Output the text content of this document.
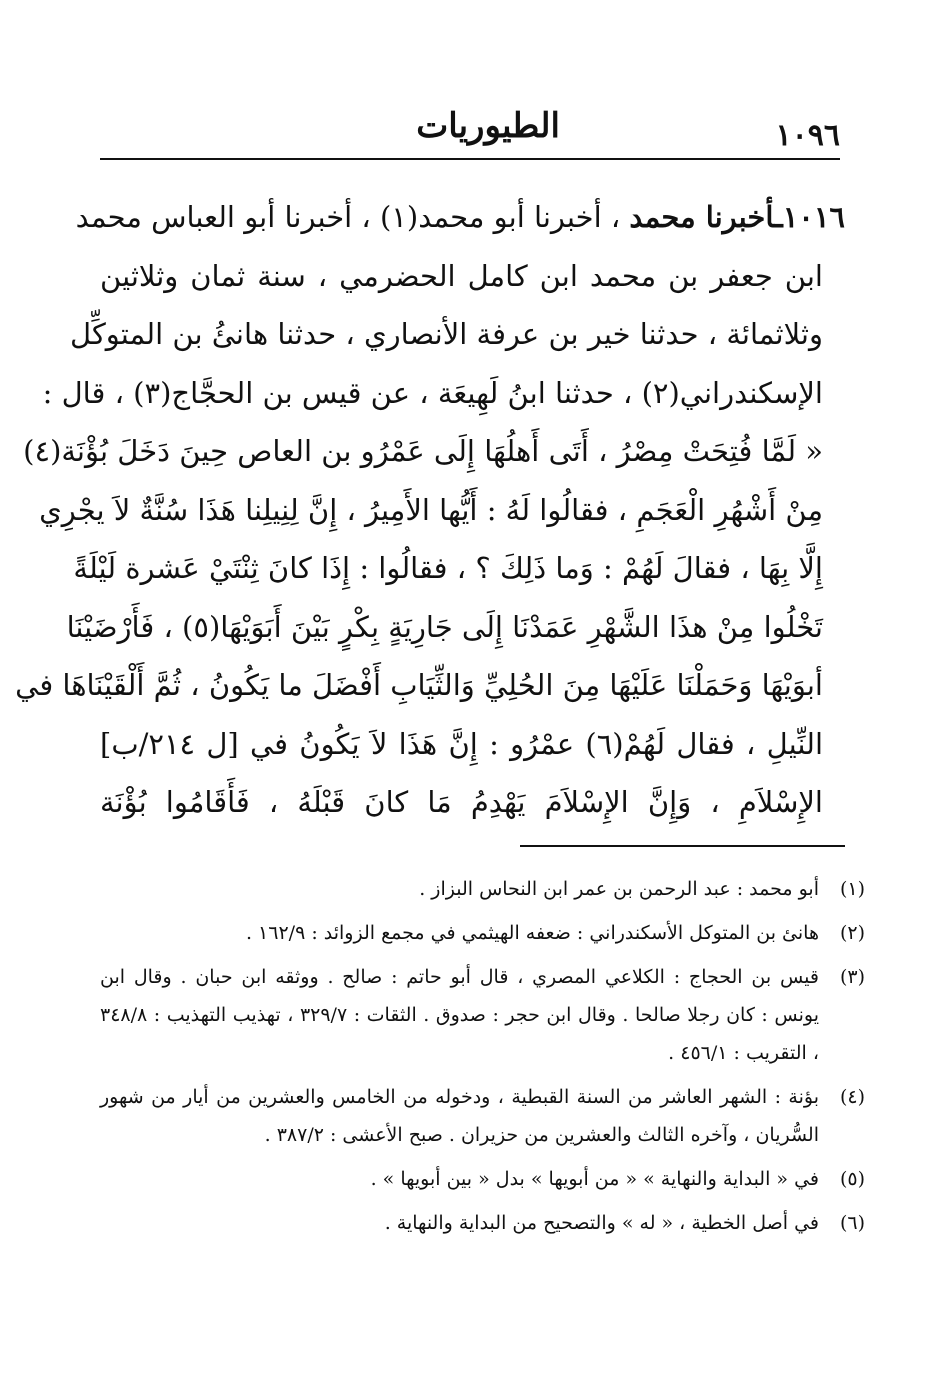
١٠٩٦
الطيوريات
١٠١٦ـأخبرنا محمد ، أخبرنا أبو محمد(١) ، أخبرنا أبو العباس محمد
ابن جعفر بن محمد ابن كامل الحضرمي ، سنة ثمان وثلاثين
وثلاثمائة ، حدثنا خير بن عرفة الأنصاري ، حدثنا هانئُ بن المتوكِّل
الإسكندراني(٢) ، حدثنا ابنُ لَهِيعَة ، عن قيس بن الحجَّاج(٣) ، قال :
« لَمَّا فُتِحَتْ مِصْرُ ، أَتَى أَهلُهَا إِلَى عَمْرُو بن العاص حِينَ دَخَلَ بُؤْنَة(٤)
مِنْ أَشْهُرِ الْعَجَمِ ، فقالُوا لَهُ : أَيُّها الأَمِيرُ ، إِنَّ لِنِيلِنا هَذَا سُنَّةٌ لاَ يجْرِي
إِلَّا بِهَا ، فقالَ لَهُمْ : وَما ذَلِكَ ؟ ، فقالُوا : إِذَا كانَ ثِنْتَيْ عَشرة لَيْلَةً
تَخْلُوا مِنْ هذَا الشَّهْرِ عَمَدْنَا إِلَى جَارِيَةٍ بِكْرٍ بَيْنَ أَبَوَيْهَا(٥) ، فَأَرْضَيْنَا
أبوَيْهَا وَحَمَلْنَا عَلَيْهَا مِنَ الحُلِيِّ وَالثِّيَابِ أَفْضَلَ ما يَكُونُ ، ثُمَّ أَلْقَيْنَاهَا في
النِّيلِ ، فقال لَهُمْ(٦) عمْرُو : إِنَّ هَذَا لاَ يَكُونُ في [ل ٢١٤/ب]
الإِسْلاَمِ ، وَإِنَّ الإِسْلاَمَ يَهْدِمُ مَا كانَ قَبْلَهُ ، فَأَقَامُوا بُؤْنَة
(١)
أبو محمد : عبد الرحمن بن عمر ابن النحاس البزاز .
(٢)
هانئ بن المتوكل الأسكندراني : ضعفه الهيثمي في مجمع الزوائد : ١٦٢/٩ .
(٣)
قيس بن الحجاج : الكلاعي المصري ، قال أبو حاتم : صالح . ووثقه ابن حبان . وقال ابن يونس : كان رجلا صالحا . وقال ابن حجر : صدوق . الثقات : ٣٢٩/٧ ، تهذيب التهذيب : ٣٤٨/٨ ، التقريب : ٤٥٦/١ .
(٤)
بؤنة : الشهر العاشر من السنة القبطية ، ودخوله من الخامس والعشرين من أيار من شهور السُّريان ، وآخره الثالث والعشرين من حزيران . صبح الأعشى : ٣٨٧/٢ .
(٥)
في « البداية والنهاية » « من أبويها » بدل « بين أبويها » .
(٦)
في أصل الخطية ، « له » والتصحيح من البداية والنهاية .
